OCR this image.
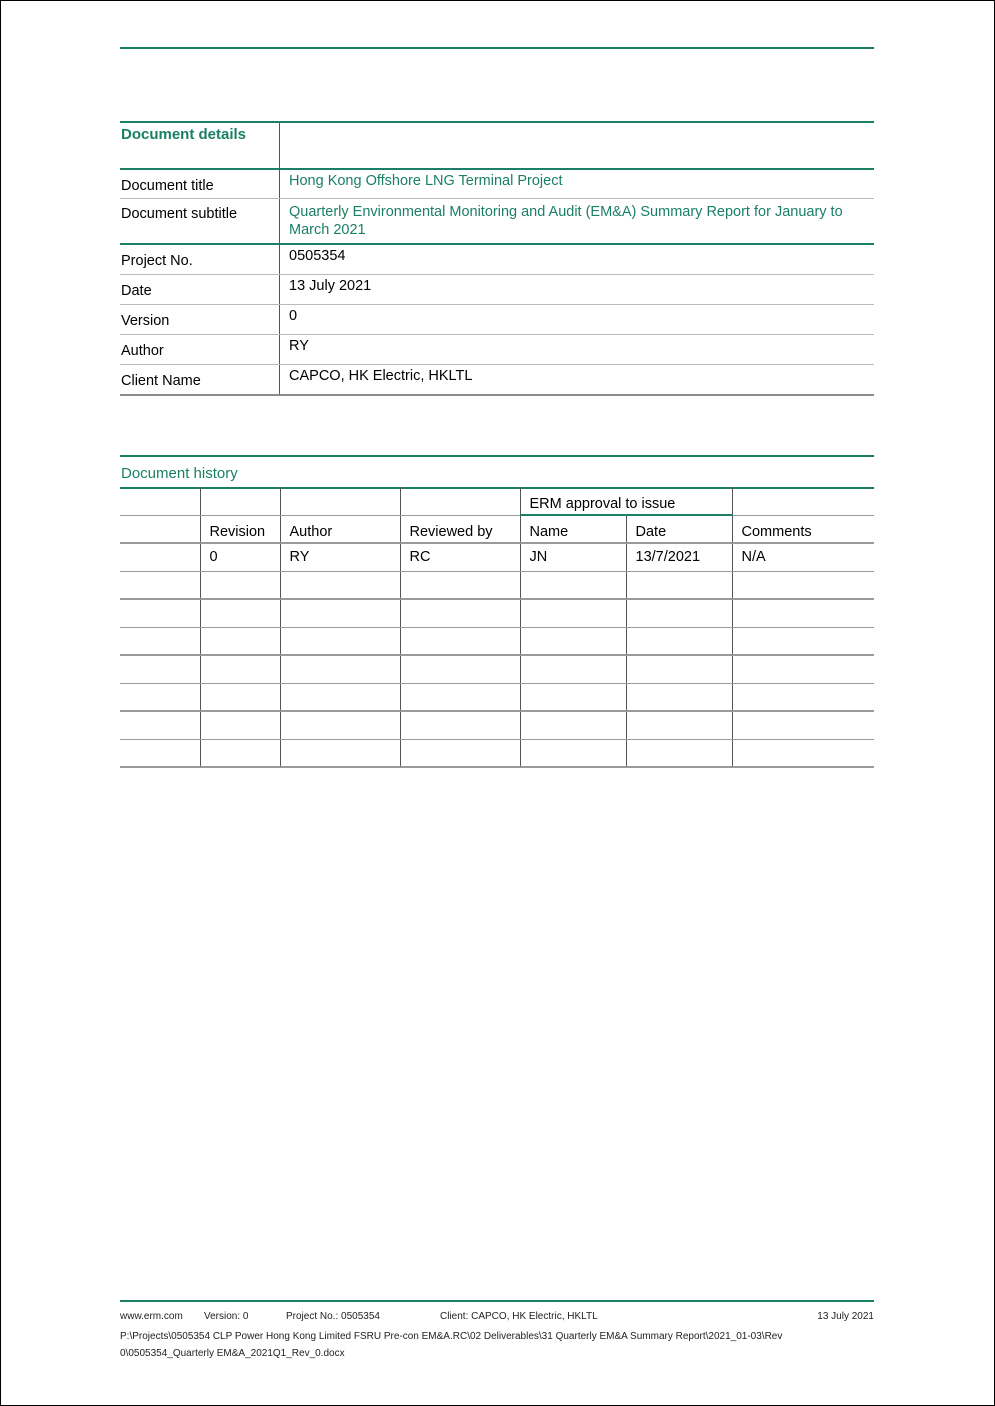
Document details
Document title	Hong Kong Offshore LNG Terminal Project
Document subtitle	Quarterly Environmental Monitoring and Audit (EM&A) Summary Report for January to March 2021
Project No.	0505354
Date	13 July 2021
Version	0
Author	RY
Client Name	CAPCO, HK Electric, HKLTL
Document history
				ERM approval to issue		
	Revision	Author	Reviewed by	Name	Date	Comments
	0	RY	RC	JN	13/7/2021	N/A

www.erm.com Version: 0	Project No.: 0505354	Client: CAPCO, HK Electric, HKLTL	13 July 2021
P:\Projects\0505354 CLP Power Hong Kong Limited FSRU Pre-con EM&A.RC\02 Deliverables\31 Quarterly EM&A Summary Report\2021_01-03\Rev
0\0505354_Quarterly EM&A_2021Q1_Rev_0.docx
